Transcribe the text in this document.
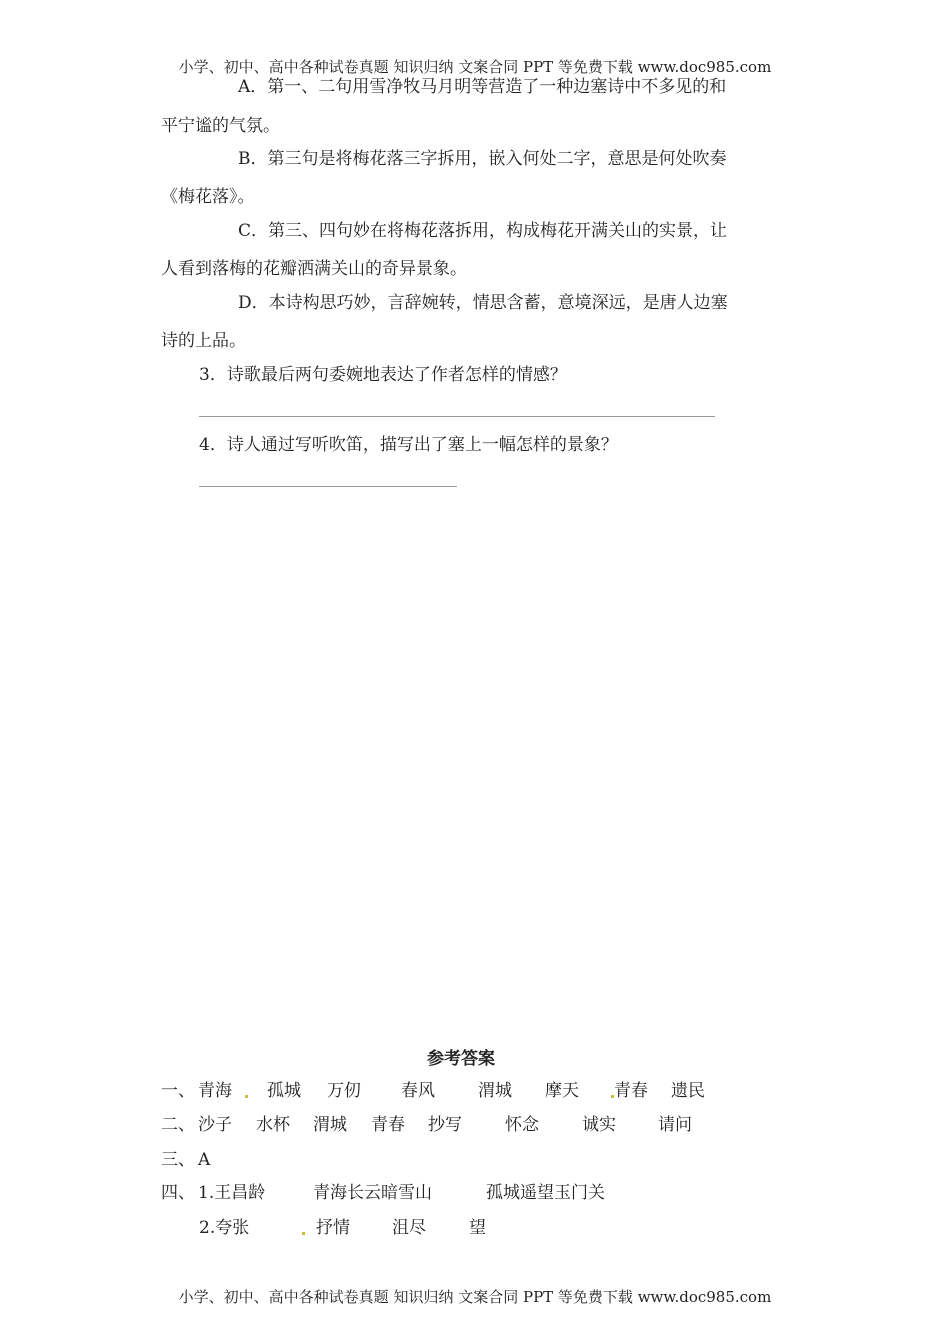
小学、初中、高中各种试卷真题 知识归纳 文案合同 PPT 等免费下载 www.doc985.com
A．第一、二句用雪净牧马月明等营造了一种边塞诗中不多见的和
平宁谧的气氛。
B．第三句是将梅花落三字拆用，嵌入何处二字，意思是何处吹奏
《梅花落》。
C．第三、四句妙在将梅花落拆用，构成梅花开满关山的实景，让
人看到落梅的花瓣洒满关山的奇异景象。
D．本诗构思巧妙，言辞婉转，情思含蓄，意境深远，是唐人边塞
诗的上品。
3．诗歌最后两句委婉地表达了作者怎样的情感？
4．诗人通过写听吹笛，描写出了塞上一幅怎样的景象？
参考答案
一、 青海 孤城 万仞 春风	渭城 摩天 青春 遗民
二、 沙子 水杯 渭城 青春 抄写	怀念	诚实 请问
三、 A
四、 1.王昌龄	青海长云暗雪山	孤城遥望玉门关
2.夸张	抒情 沮尽	望
小学、初中、高中各种试卷真题 知识归纳 文案合同 PPT 等免费下载 www.doc985.com
